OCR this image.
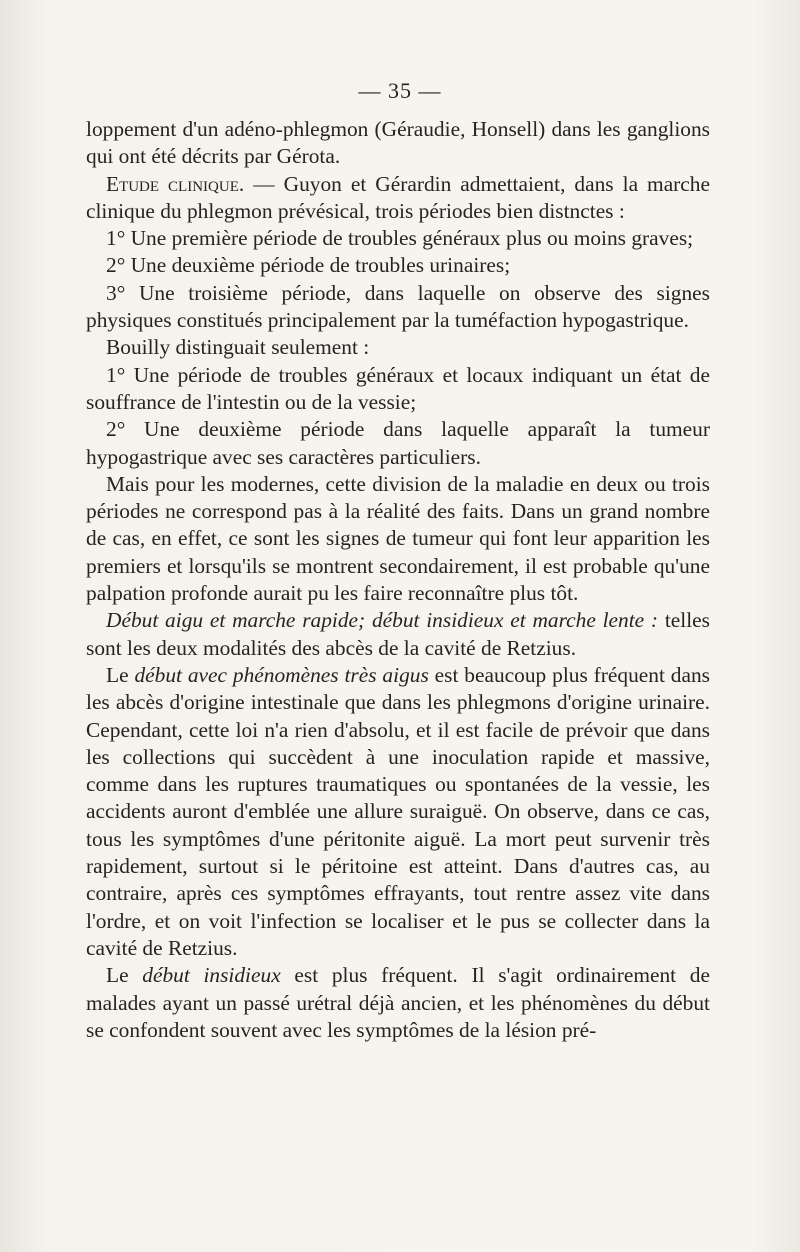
— 35 —

loppement d'un adéno-phlegmon (Géraudie, Honsell) dans les ganglions qui ont été décrits par Gérota.

Etude clinique. — Guyon et Gérardin admettaient, dans la marche clinique du phlegmon prévésical, trois périodes bien distnctes :

1° Une première période de troubles généraux plus ou moins graves;

2° Une deuxième période de troubles urinaires;

3° Une troisième période, dans laquelle on observe des signes physiques constitués principalement par la tuméfaction hypogastrique.

Bouilly distinguait seulement :

1° Une période de troubles généraux et locaux indiquant un état de souffrance de l'intestin ou de la vessie;

2° Une deuxième période dans laquelle apparaît la tumeur hypogastrique avec ses caractères particuliers.

Mais pour les modernes, cette division de la maladie en deux ou trois périodes ne correspond pas à la réalité des faits. Dans un grand nombre de cas, en effet, ce sont les signes de tumeur qui font leur apparition les premiers et lorsqu'ils se montrent secondairement, il est probable qu'une palpation profonde aurait pu les faire reconnaître plus tôt.

Début aigu et marche rapide; début insidieux et marche lente : telles sont les deux modalités des abcès de la cavité de Retzius.

Le début avec phénomènes très aigus est beaucoup plus fréquent dans les abcès d'origine intestinale que dans les phlegmons d'origine urinaire. Cependant, cette loi n'a rien d'absolu, et il est facile de prévoir que dans les collections qui succèdent à une inoculation rapide et massive, comme dans les ruptures traumatiques ou spontanées de la vessie, les accidents auront d'emblée une allure suraiguë. On observe, dans ce cas, tous les symptômes d'une péritonite aiguë. La mort peut survenir très rapidement, surtout si le péritoine est atteint. Dans d'autres cas, au contraire, après ces symptômes effrayants, tout rentre assez vite dans l'ordre, et on voit l'infection se localiser et le pus se collecter dans la cavité de Retzius.

Le début insidieux est plus fréquent. Il s'agit ordinairement de malades ayant un passé urétral déjà ancien, et les phénomènes du début se confondent souvent avec les symptômes de la lésion pré-
